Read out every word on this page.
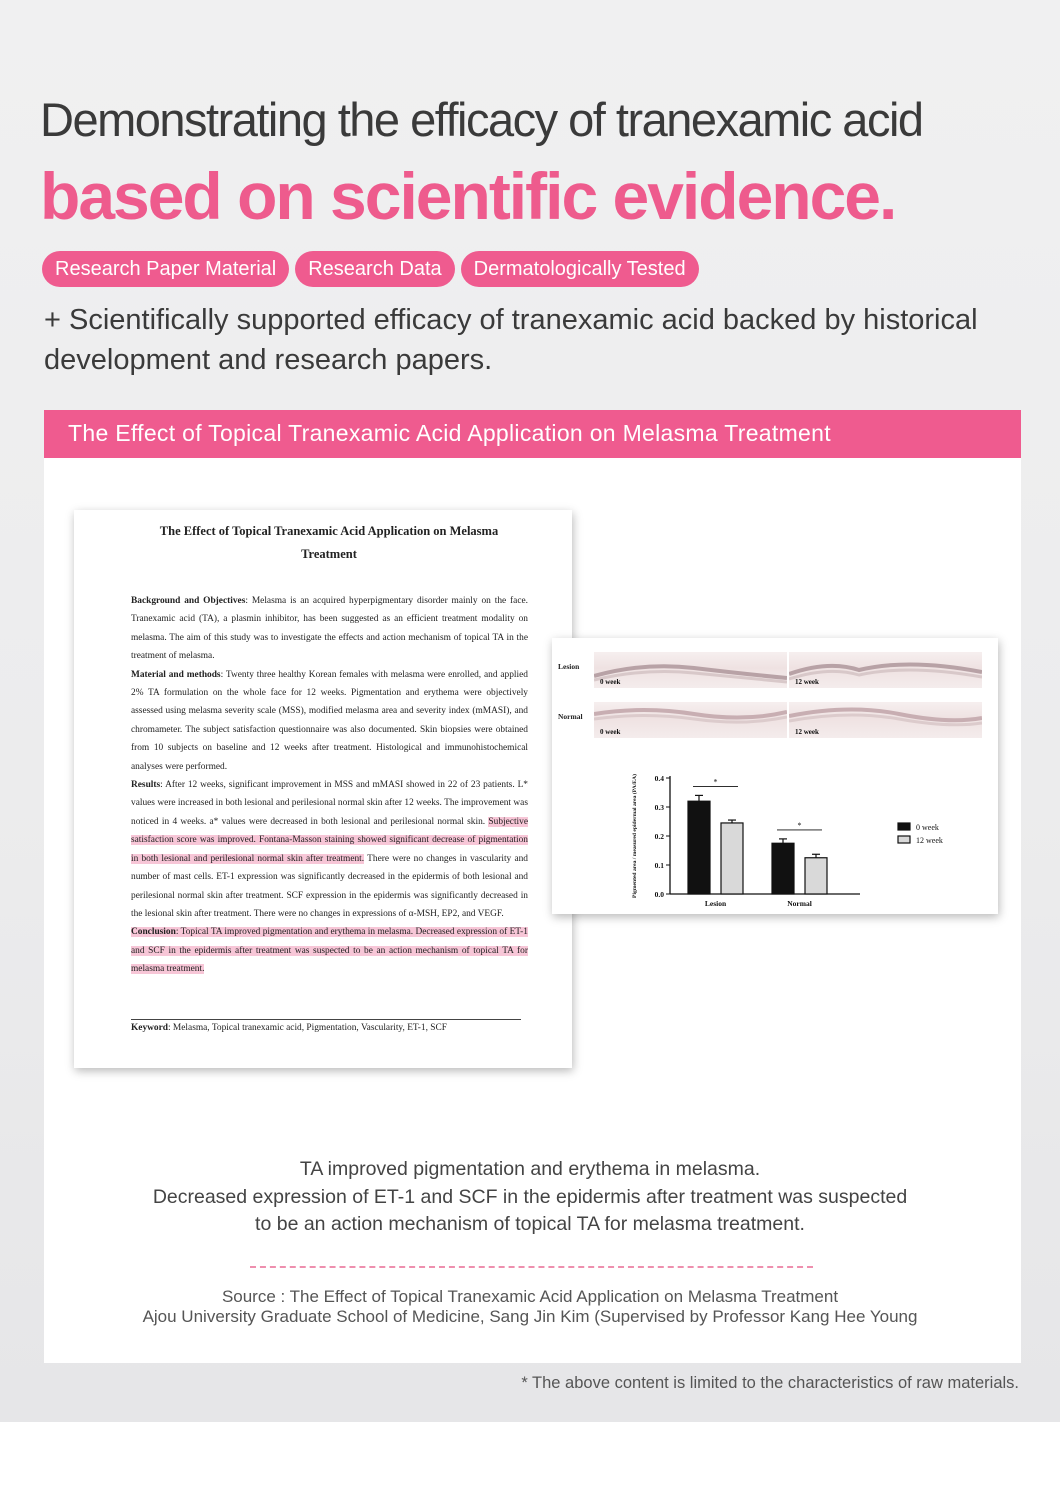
Demonstrating the efficacy of tranexamic acid
based on scientific evidence.
Research Paper Material	Research Data	Dermatologically Tested
+ Scientifically supported efficacy of tranexamic acid backed by historical development and research papers.
The Effect of Topical Tranexamic Acid Application on Melasma Treatment
The Effect of Topical Tranexamic Acid Application on Melasma
Treatment
Background and Objectives: Melasma is an acquired hyperpigmentary disorder mainly on the face. Tranexamic acid (TA), a plasmin inhibitor, has been suggested as an efficient treatment modality on melasma. The aim of this study was to investigate the effects and action mechanism of topical TA in the treatment of melasma.
Material and methods: Twenty three healthy Korean females with melasma were enrolled, and applied 2% TA formulation on the whole face for 12 weeks. Pigmentation and erythema were objectively assessed using melasma severity scale (MSS), modified melasma area and severity index (mMASI), and chromameter. The subject satisfaction questionnaire was also documented. Skin biopsies were obtained from 10 subjects on baseline and 12 weeks after treatment. Histological and immunohistochemical analyses were performed.
Results: After 12 weeks, significant improvement in MSS and mMASI showed in 22 of 23 patients. L* values were increased in both lesional and perilesional normal skin after 12 weeks. The improvement was noticed in 4 weeks. a* values were decreased in both lesional and perilesional normal skin. Subjective satisfaction score was improved. Fontana-Masson staining showed significant decrease of pigmentation in both lesional and perilesional normal skin after treatment. There were no changes in vascularity and number of mast cells. ET-1 expression was significantly decreased in the epidermis of both lesional and perilesional normal skin after treatment. SCF expression in the epidermis was significantly decreased in the lesional skin after treatment. There were no changes in expressions of α-MSH, EP2, and VEGF.
Conclusion: Topical TA improved pigmentation and erythema in melasma. Decreased expression of ET-1 and SCF in the epidermis after treatment was suspected to be an action mechanism of topical TA for melasma treatment.
Keyword: Melasma, Topical tranexamic acid, Pigmentation, Vascularity, ET-1, SCF
Lesion
Normal
0 week	12 week
0 week	12 week
0.0
0.1
0.2
0.3
0.4
Pigmented area / measured epidermal area (PA/EA)	*
Lesion
*
Normal
0 week
12 week
TA improved pigmentation and erythema in melasma.
Decreased expression of ET-1 and SCF in the epidermis after treatment was suspected
to be an action mechanism of topical TA for melasma treatment.
Source : The Effect of Topical Tranexamic Acid Application on Melasma Treatment
Ajou University Graduate School of Medicine, Sang Jin Kim (Supervised by Professor Kang Hee Young
* The above content is limited to the characteristics of raw materials.
